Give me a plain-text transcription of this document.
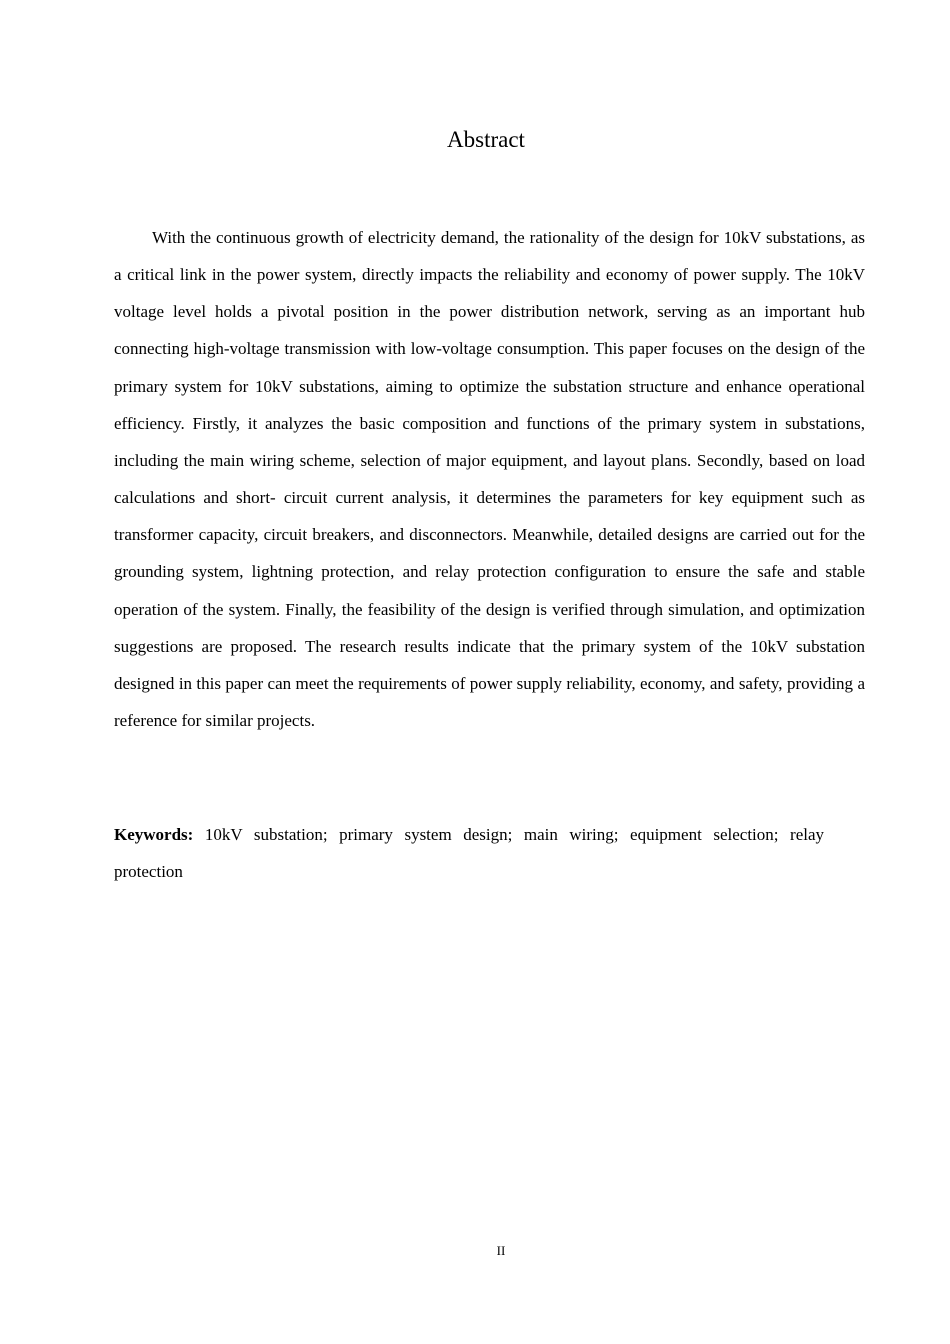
Abstract

With the continuous growth of electricity demand, the rationality of the design for 10kV substations, as a critical link in the power system, directly impacts the reliability and economy of power supply. The 10kV voltage level holds a pivotal position in the power distribution network, serving as an important hub connecting high-voltage transmission with low-voltage consumption. This paper focuses on the design of the primary system for 10kV substations, aiming to optimize the substation structure and enhance operational efficiency. Firstly, it analyzes the basic composition and functions of the primary system in substations, including the main wiring scheme, selection of major equipment, and layout plans. Secondly, based on load calculations and short- circuit current analysis, it determines the parameters for key equipment such as transformer capacity, circuit breakers, and disconnectors. Meanwhile, detailed designs are carried out for the grounding system, lightning protection, and relay protection configuration to ensure the safe and stable operation of the system. Finally, the feasibility of the design is verified through simulation, and optimization suggestions are proposed. The research results indicate that the primary system of the 10kV substation designed in this paper can meet the requirements of power supply reliability, economy, and safety, providing a reference for similar projects.

Keywords: 10kV substation; primary system design; main wiring; equipment selection; relay protection

II
